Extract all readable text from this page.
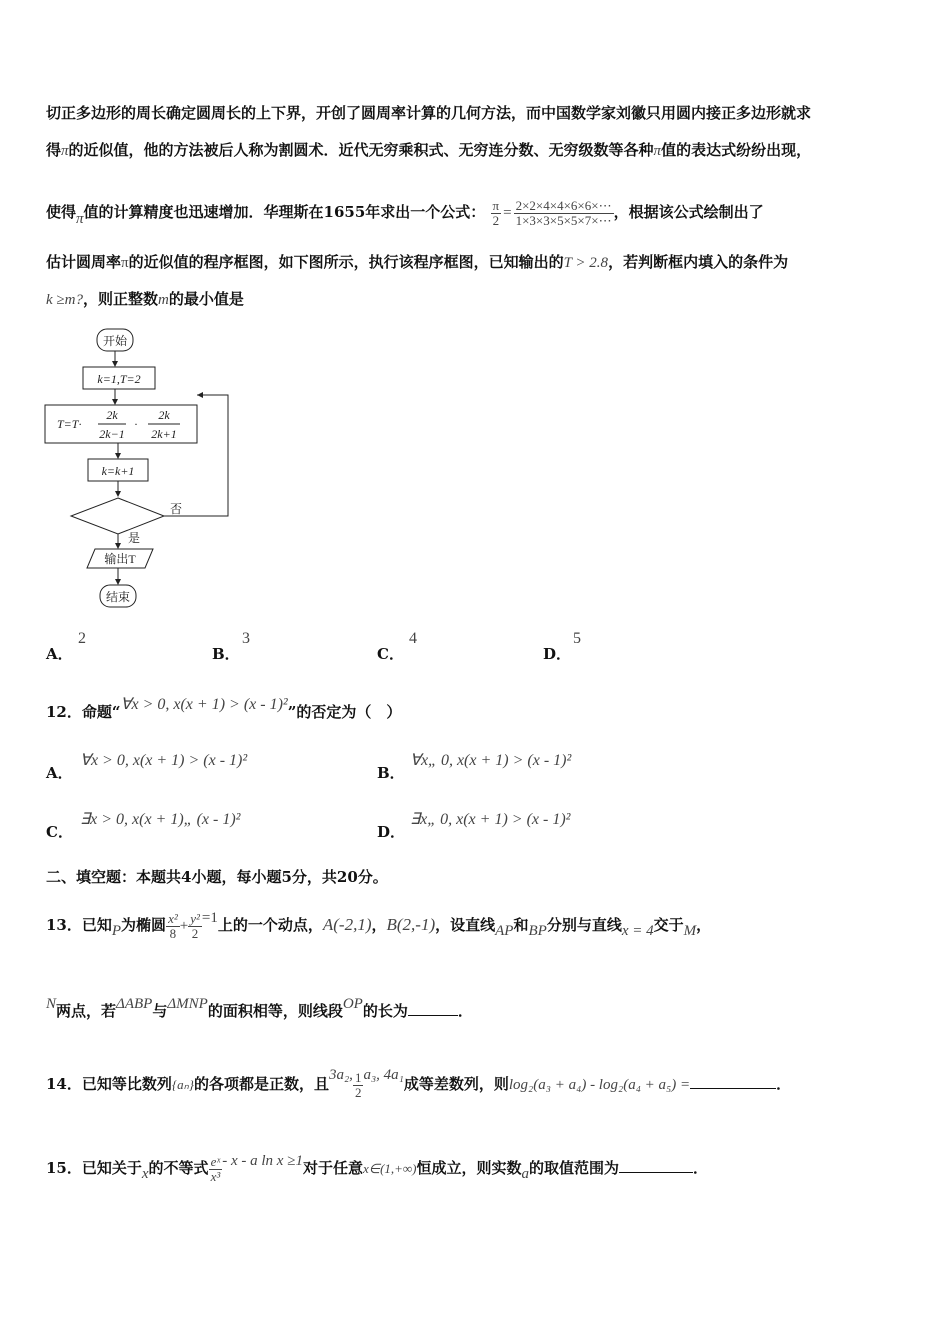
切正多边形的周长确定圆周长的上下界，开创了圆周率计算的几何方法，而中国数学家刘徽只用圆内接正多边形就求
得π的近似值，他的方法被后人称为割圆术．近代无穷乘积式、无穷连分数、无穷级数等各种π值的表达式纷纷出现，
使得π值的计算精度也迅速增加．华理斯在1655年求出一个公式： $\frac{\pi}{2} = \frac{2\times 2\times 4\times 4\times 6\times 6\times\cdots}{1\times 3\times 3\times 5\times 5\times 7\times\cdots}$ ，根据该公式绘制出了
估计圆周率π的近似值的程序框图，如下图所示，执行该程序框图，已知输出的T > 2.8，若判断框内填入的条件为
k ≥m?，则正整数m的最小值是
开始
k=1,T=2
T=T·
2k
2k−1
·
2k
2k+1
k=k+1
否
是
输出T
结束
A．
2
B．
3
C．
4
D．
5
12．命题“∀x > 0, x(x + 1) > (x - 1)²”的否定为（　）
A．
∀x > 0, x(x + 1) > (x - 1)²
B．
∀x„ 0, x(x + 1) > (x - 1)²
C．
∃x > 0, x(x + 1)„ (x - 1)²
D．
∃x„ 0, x(x + 1) > (x - 1)²
二、填空题：本题共4小题，每小题5分，共20分。
13．已知P为椭圆 $\frac{\text{x²}}{8} + \frac{\text{y²}}{2} =1$上的一个动点，A(-2,1)，B(2,-1)，设直线AP和BP分别与直线x = 4交于M，
N两点，若ΔABP与ΔMNP的面积相等，则线段OP的长为	．
14．已知等比数列{aₙ}的各项都是正数，且3a₂, $\frac{1}{2} a_3$, 4a₁成等差数列，则log₂(a₃ + a₄) - log₂(a₄ + a₅) =	．
15．已知关于x的不等式 $\frac{\text{eˣ}}{\text{x³}}$ - x - a ln x ≥1对于任意x∈(1,+∞)恒成立，则实数a的取值范围为	．
